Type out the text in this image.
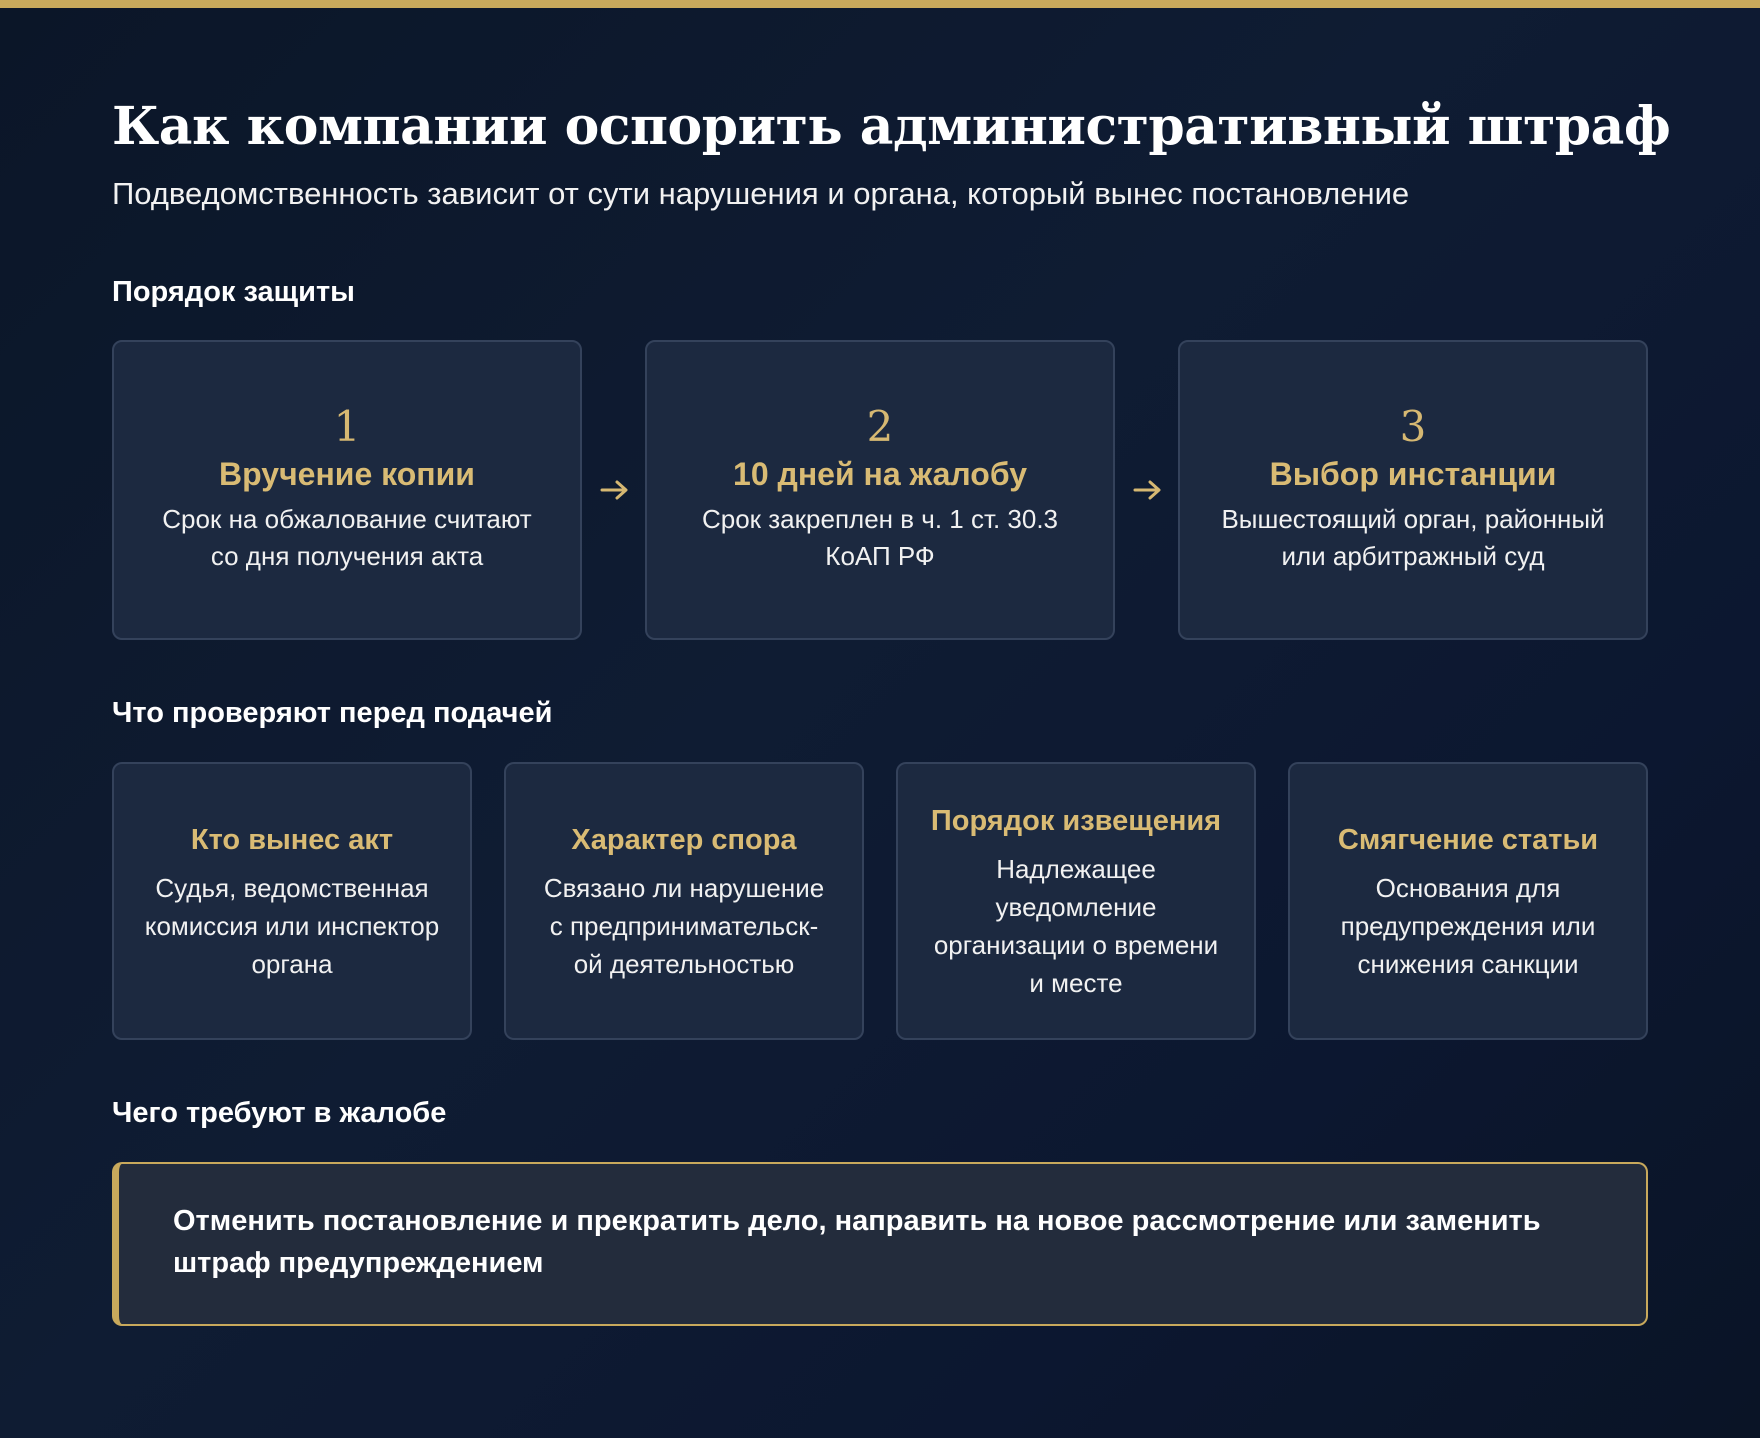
Как компании оспорить административный штраф
Подведомственность зависит от сути нарушения и органа, который вынес постановление
Порядок защиты
1
Вручение копии
Срок на обжалование считают со дня получения акта
2
10 дней на жалобу
Срок закреплен в ч. 1 ст. 30.3 КоАП РФ
3
Выбор инстанции
Вышестоящий орган, районный или арбитражный суд
Что проверяют перед подачей
Кто вынес акт
Судья, ведомственная комиссия или инспектор органа
Характер спора
Связано ли нарушение с предпринимательск-ой деятельностью
Порядок извещения
Надлежащее уведомление организации о времени и месте
Смягчение статьи
Основания для предупреждения или снижения санкции
Чего требуют в жалобе
Отменить постановление и прекратить дело, направить на новое рассмотрение или заменить штраф предупреждением
